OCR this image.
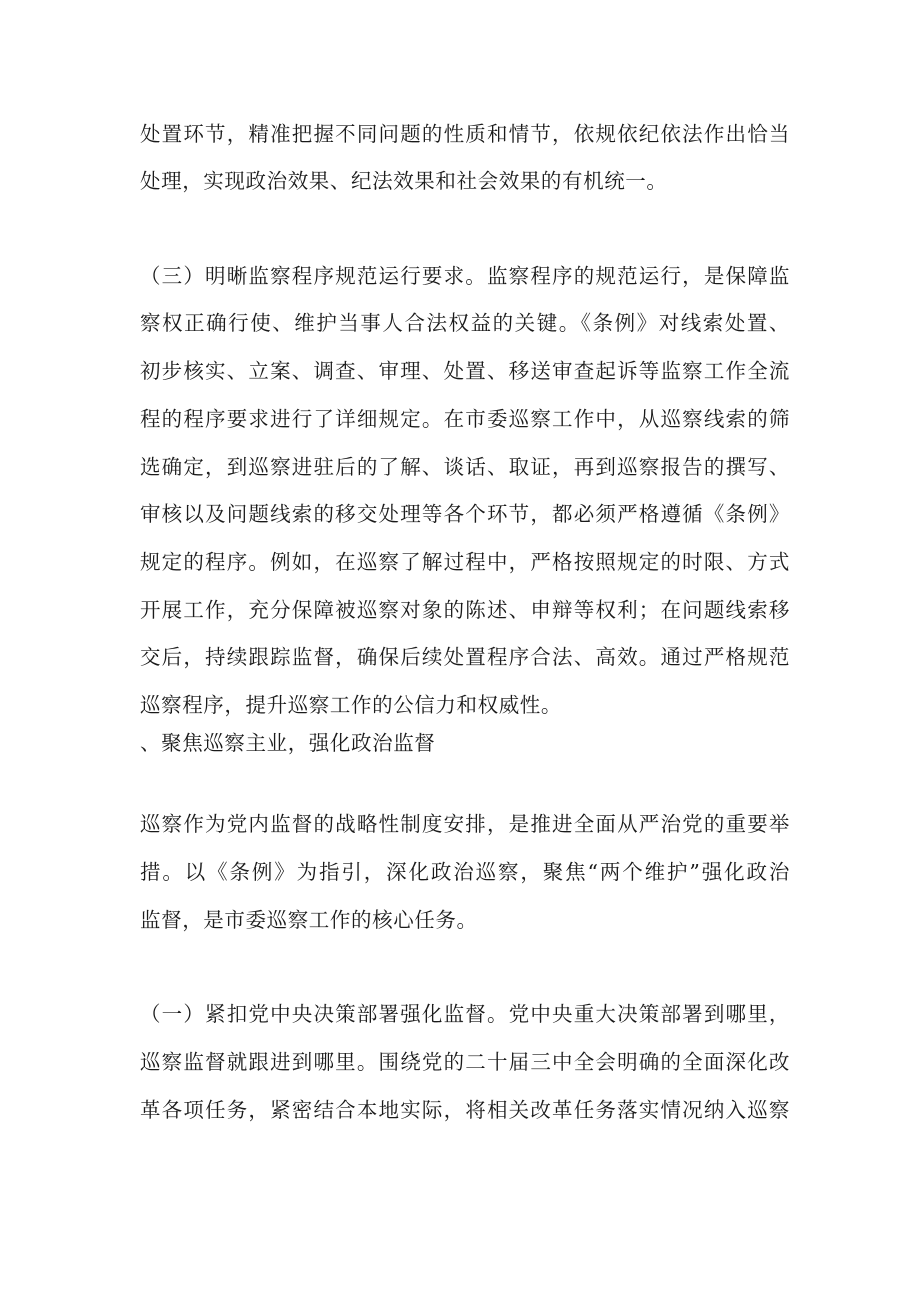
处置环节，精准把握不同问题的性质和情节，依规依纪依法作出恰当

处理，实现政治效果、纪法效果和社会效果的有机统一。

（三）明晰监察程序规范运行要求。监察程序的规范运行，是保障监

察权正确行使、维护当事人合法权益的关键。《条例》对线索处置、

初步核实、立案、调查、审理、处置、移送审查起诉等监察工作全流

程的程序要求进行了详细规定。在市委巡察工作中，从巡察线索的筛

选确定，到巡察进驻后的了解、谈话、取证，再到巡察报告的撰写、

审核以及问题线索的移交处理等各个环节，都必须严格遵循《条例》

规定的程序。例如，在巡察了解过程中，严格按照规定的时限、方式

开展工作，充分保障被巡察对象的陈述、申辩等权利；在问题线索移

交后，持续跟踪监督，确保后续处置程序合法、高效。通过严格规范

巡察程序，提升巡察工作的公信力和权威性。

、聚焦巡察主业，强化政治监督

巡察作为党内监督的战略性制度安排，是推进全面从严治党的重要举

措。以《条例》为指引，深化政治巡察，聚焦“两个维护”强化政治

监督，是市委巡察工作的核心任务。

（一）紧扣党中央决策部署强化监督。党中央重大决策部署到哪里，

巡察监督就跟进到哪里。围绕党的二十届三中全会明确的全面深化改

革各项任务，紧密结合本地实际，将相关改革任务落实情况纳入巡察
